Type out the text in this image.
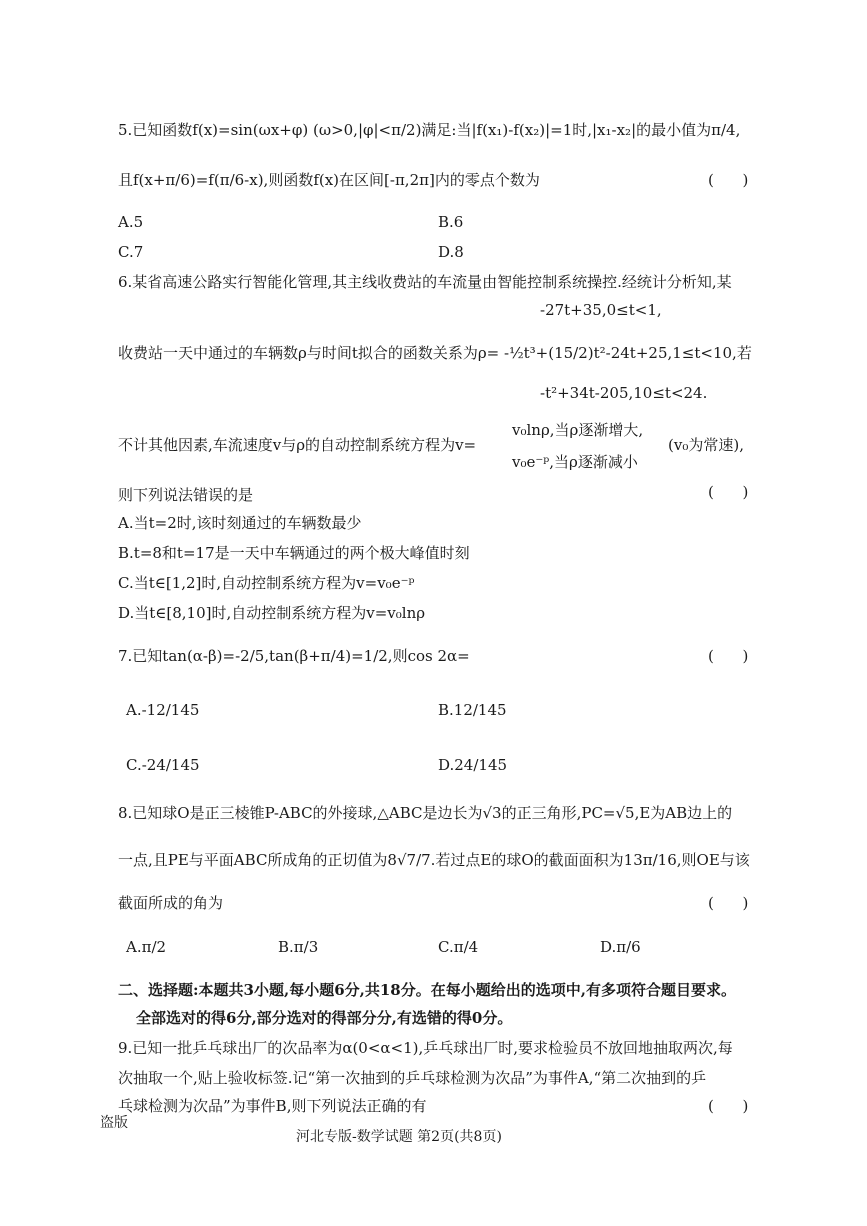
5.已知函数f(x)=sin(ωx+φ) (ω>0,|φ|<π/2)满足:当|f(x₁)-f(x₂)|=1时,|x₁-x₂|的最小值为π/4,
且f(x+π/6)=f(π/6-x),则函数f(x)在区间[-π,2π]内的零点个数为	(      )
A.5	B.6
C.7	D.8
6.某省高速公路实行智能化管理,其主线收费站的车流量由智能控制系统操控.经统计分析知,某
-27t+35,0≤t<1,
收费站一天中通过的车辆数ρ与时间t拟合的函数关系为ρ= -½t³+(15/2)t²-24t+25,1≤t<10,若
-t²+34t-205,10≤t<24.
v₀lnρ,当ρ逐渐增大,
不计其他因素,车流速度v与ρ的自动控制系统方程为v=	(v₀为常速),
v₀e⁻ᵖ,当ρ逐渐减小
则下列说法错误的是	(      )
A.当t=2时,该时刻通过的车辆数最少
B.t=8和t=17是一天中车辆通过的两个极大峰值时刻
C.当t∈[1,2]时,自动控制系统方程为v=v₀e⁻ᵖ
D.当t∈[8,10]时,自动控制系统方程为v=v₀lnρ
7.已知tan(α-β)=-2/5,tan(β+π/4)=1/2,则cos 2α=	(      )
A.-12/145	B.12/145
C.-24/145	D.24/145
8.已知球O是正三棱锥P-ABC的外接球,△ABC是边长为√3的正三角形,PC=√5,E为AB边上的
一点,且PE与平面ABC所成角的正切值为8√7/7.若过点E的球O的截面面积为13π/16,则OE与该
截面所成的角为	(      )
A.π/2	B.π/3	C.π/4	D.π/6
二、选择题:本题共3小题,每小题6分,共18分。在每小题给出的选项中,有多项符合题目要求。
全部选对的得6分,部分选对的得部分分,有选错的得0分。
9.已知一批乒乓球出厂的次品率为α(0<α<1),乒乓球出厂时,要求检验员不放回地抽取两次,每
次抽取一个,贴上验收标签.记“第一次抽到的乒乓球检测为次品”为事件A,“第二次抽到的乒
乓球检测为次品”为事件B,则下列说法正确的有	(      )
盗版
河北专版-数学试题 第2页(共8页)
